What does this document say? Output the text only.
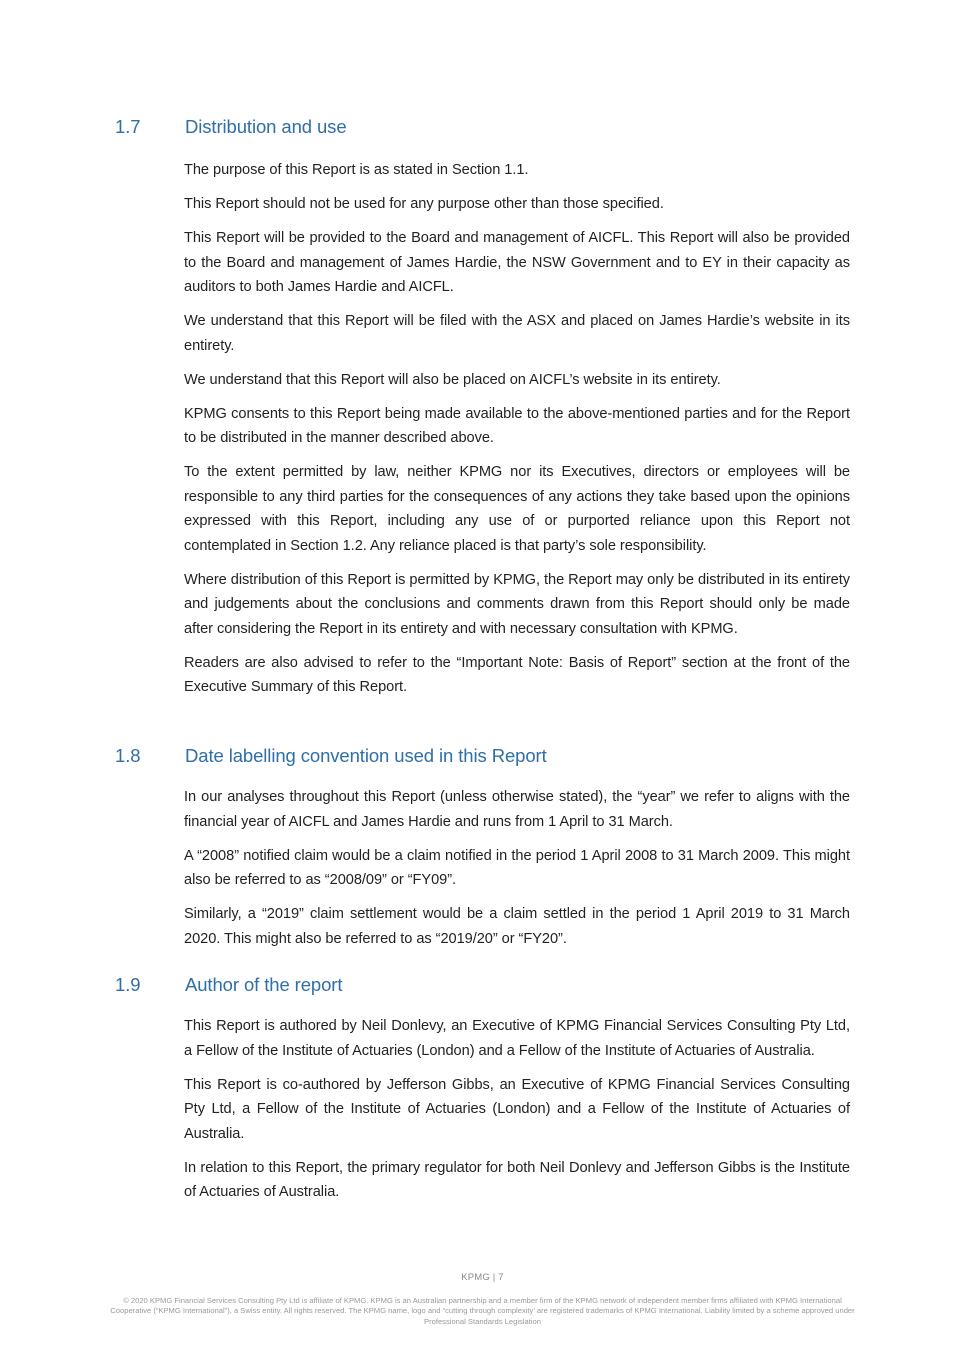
1.7 Distribution and use

The purpose of this Report is as stated in Section 1.1.

This Report should not be used for any purpose other than those specified.

This Report will be provided to the Board and management of AICFL. This Report will also be provided to the Board and management of James Hardie, the NSW Government and to EY in their capacity as auditors to both James Hardie and AICFL.

We understand that this Report will be filed with the ASX and placed on James Hardie’s website in its entirety.

We understand that this Report will also be placed on AICFL’s website in its entirety.

KPMG consents to this Report being made available to the above-mentioned parties and for the Report to be distributed in the manner described above.

To the extent permitted by law, neither KPMG nor its Executives, directors or employees will be responsible to any third parties for the consequences of any actions they take based upon the opinions expressed with this Report, including any use of or purported reliance upon this Report not contemplated in Section 1.2. Any reliance placed is that party’s sole responsibility.

Where distribution of this Report is permitted by KPMG, the Report may only be distributed in its entirety and judgements about the conclusions and comments drawn from this Report should only be made after considering the Report in its entirety and with necessary consultation with KPMG.

Readers are also advised to refer to the “Important Note: Basis of Report” section at the front of the Executive Summary of this Report.

1.8 Date labelling convention used in this Report

In our analyses throughout this Report (unless otherwise stated), the “year” we refer to aligns with the financial year of AICFL and James Hardie and runs from 1 April to 31 March.

A “2008” notified claim would be a claim notified in the period 1 April 2008 to 31 March 2009. This might also be referred to as “2008/09” or “FY09”.

Similarly, a “2019” claim settlement would be a claim settled in the period 1 April 2019 to 31 March 2020. This might also be referred to as “2019/20” or “FY20”.

1.9 Author of the report

This Report is authored by Neil Donlevy, an Executive of KPMG Financial Services Consulting Pty Ltd, a Fellow of the Institute of Actuaries (London) and a Fellow of the Institute of Actuaries of Australia.

This Report is co-authored by Jefferson Gibbs, an Executive of KPMG Financial Services Consulting Pty Ltd, a Fellow of the Institute of Actuaries (London) and a Fellow of the Institute of Actuaries of Australia.

In relation to this Report, the primary regulator for both Neil Donlevy and Jefferson Gibbs is the Institute of Actuaries of Australia.

KPMG | 7
© 2020 KPMG Financial Services Consulting Pty Ltd is affiliate of KPMG. KPMG is an Australian partnership and a member firm of the KPMG network of independent member firms affiliated with KPMG International Cooperative (“KPMG International”), a Swiss entity. All rights reserved. The KPMG name, logo and “cutting through complexity’ are registered trademarks of KPMG International. Liability limited by a scheme approved under Professional Standards Legislation
